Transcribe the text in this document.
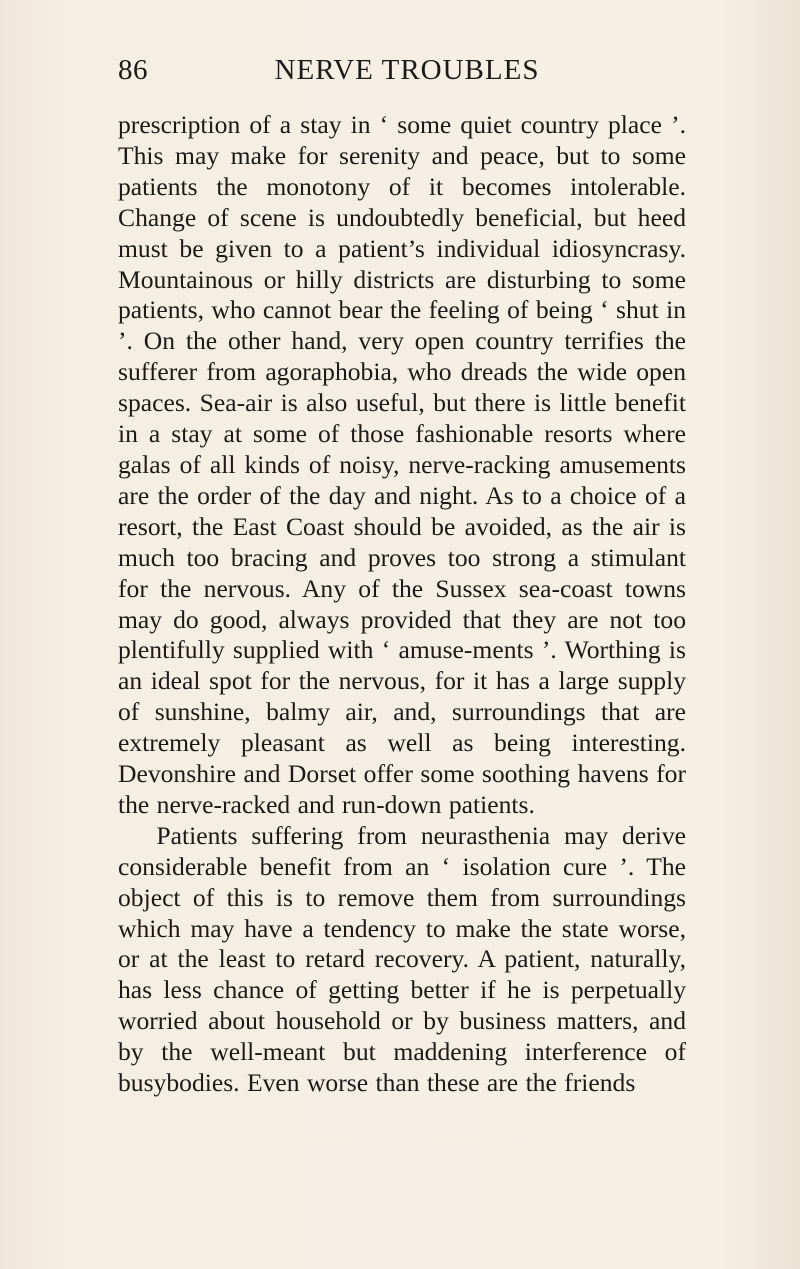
86	NERVE TROUBLES

prescription of a stay in ‘ some quiet country place ’. This may make for serenity and peace, but to some patients the monotony of it becomes intolerable. Change of scene is undoubtedly beneficial, but heed must be given to a patient’s individual idiosyncrasy. Mountainous or hilly districts are disturbing to some patients, who cannot bear the feeling of being ‘ shut in ’. On the other hand, very open country terrifies the sufferer from agoraphobia, who dreads the wide open spaces. Sea-air is also useful, but there is little benefit in a stay at some of those fashionable resorts where galas of all kinds of noisy, nerve-racking amusements are the order of the day and night. As to a choice of a resort, the East Coast should be avoided, as the air is much too bracing and proves too strong a stimulant for the nervous. Any of the Sussex sea-coast towns may do good, always provided that they are not too plentifully supplied with ‘ amuse-ments ’. Worthing is an ideal spot for the nervous, for it has a large supply of sunshine, balmy air, and, surroundings that are extremely pleasant as well as being interesting. Devonshire and Dorset offer some soothing havens for the nerve-racked and run-down patients.

Patients suffering from neurasthenia may derive considerable benefit from an ‘ isolation cure ’. The object of this is to remove them from surroundings which may have a tendency to make the state worse, or at the least to retard recovery. A patient, naturally, has less chance of getting better if he is perpetually worried about household or by business matters, and by the well-meant but maddening interference of busybodies. Even worse than these are the friends
